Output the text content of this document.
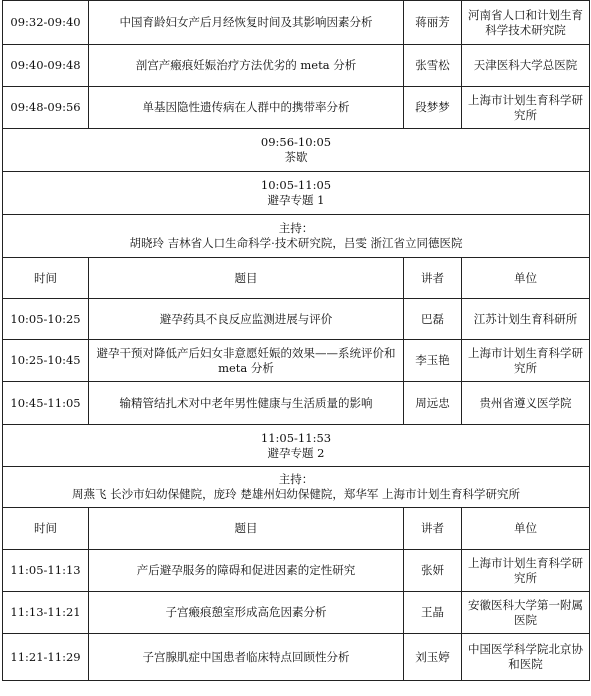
09:32-09:40	中国育龄妇女产后月经恢复时间及其影响因素分析	蒋丽芳	河南省人口和计划生育科学技术研究院
09:40-09:48	剖宫产瘢痕妊娠治疗方法优劣的 meta 分析	张雪松	天津医科大学总医院
09:48-09:56	单基因隐性遗传病在人群中的携带率分析	段梦梦	上海市计划生育科学研究所

09:56-10:05
茶歇			

10:05-11:05
避孕专题 1			

主持：
胡晓玲 吉林省人口生命科学·技术研究院，吕雯 浙江省立同德医院			

时间	题目	讲者	单位
10:05-10:25	避孕药具不良反应监测进展与评价	巴磊	江苏计划生育科研所
10:25-10:45	避孕干预对降低产后妇女非意愿妊娠的效果——系统评价和 meta 分析	李玉艳	上海市计划生育科学研究所
10:45-11:05	输精管结扎术对中老年男性健康与生活质量的影响	周远忠	贵州省遵义医学院

11:05-11:53
避孕专题 2			

主持：
周燕飞 长沙市妇幼保健院，庞玲 楚雄州妇幼保健院，郑华军 上海市计划生育科学研究所			

时间	题目	讲者	单位
11:05-11:13	产后避孕服务的障碍和促进因素的定性研究	张妍	上海市计划生育科学研究所
11:13-11:21	子宫瘢痕憩室形成高危因素分析	王晶	安徽医科大学第一附属医院
11:21-11:29	子宫腺肌症中国患者临床特点回顾性分析	刘玉婷	中国医学科学院北京协和医院
